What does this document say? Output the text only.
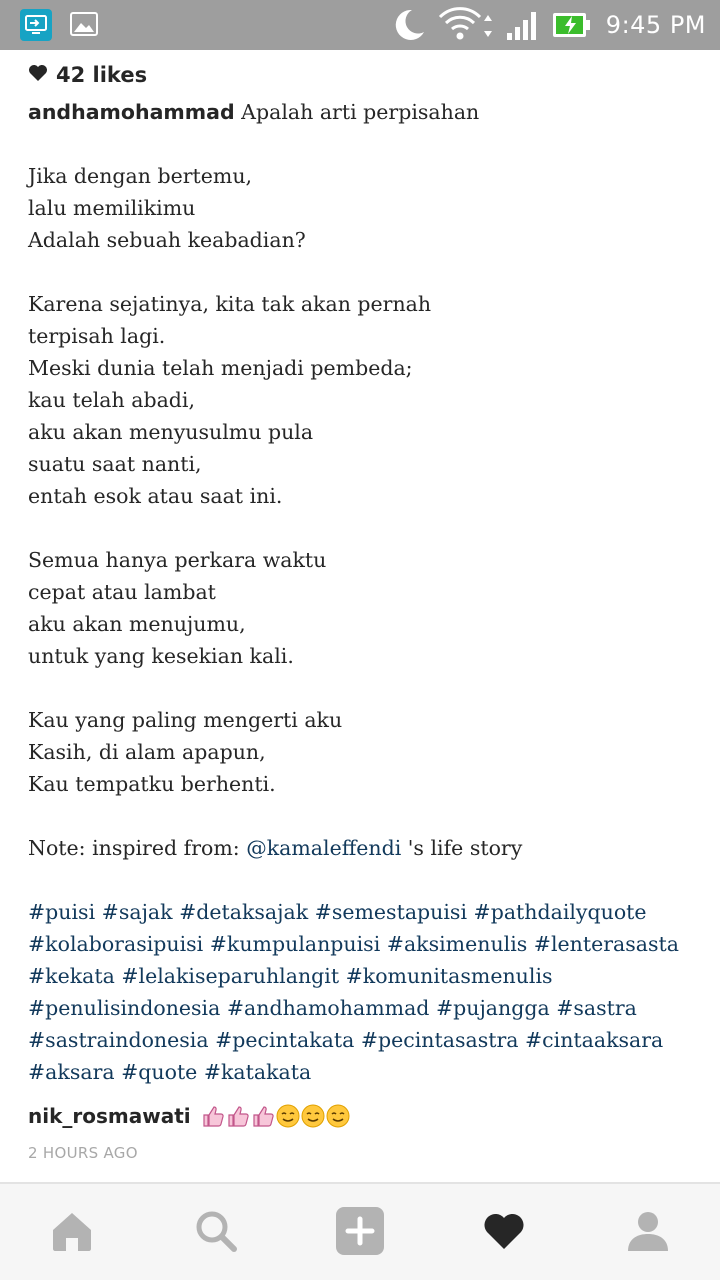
9:45 PM
42 likes
andhamohammad Apalah arti perpisahan
Jika dengan bertemu,
lalu memilikimu
Adalah sebuah keabadian?
Karena sejatinya, kita tak akan pernah
terpisah lagi.
Meski dunia telah menjadi pembeda;
kau telah abadi,
aku akan menyusulmu pula
suatu saat nanti,
entah esok atau saat ini.
Semua hanya perkara waktu
cepat atau lambat
aku akan menujumu,
untuk yang kesekian kali.
Kau yang paling mengerti aku
Kasih, di alam apapun,
Kau tempatku berhenti.
Note: inspired from: @kamaleffendi 's life story
#puisi #sajak #detaksajak #semestapuisi #pathdailyquote
#kolaborasipuisi #kumpulanpuisi #aksimenulis #lenterasasta
#kekata #lelakiseparuhlangit #komunitasmenulis
#penulisindonesia #andhamohammad #pujangga #sastra
#sastraindonesia #pecintakata #pecintasastra #cintaaksara
#aksara #quote #katakata
nik_rosmawati
2 HOURS AGO
